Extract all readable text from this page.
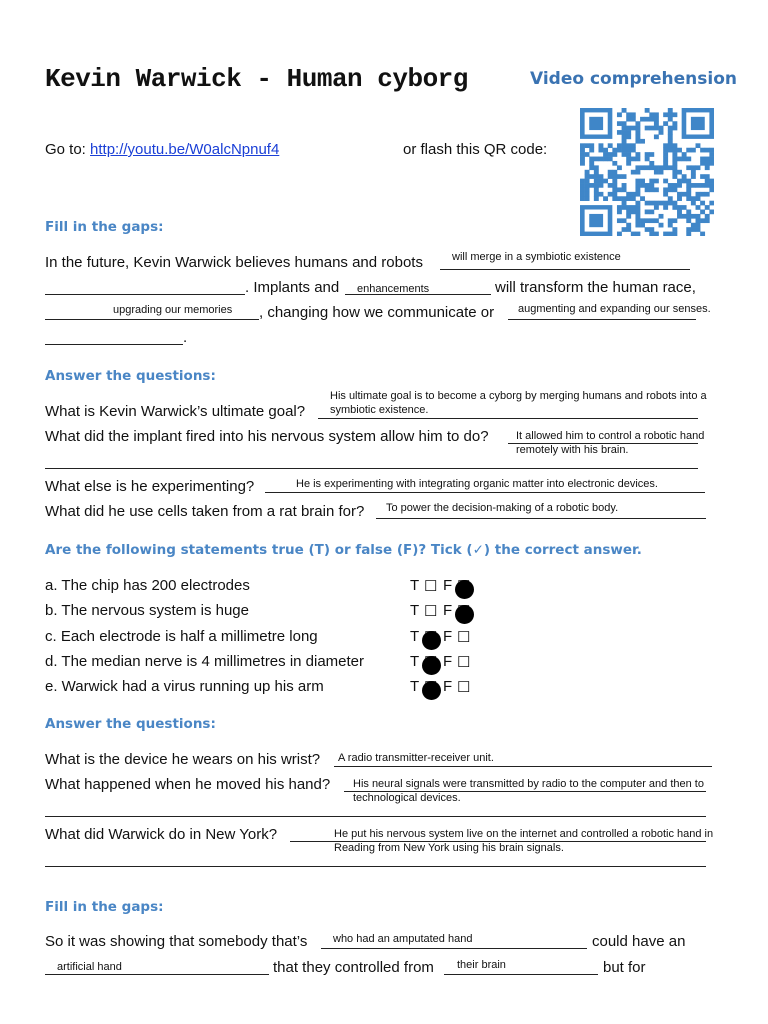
Kevin Warwick - Human cyborg	Video comprehension
Go to: http://youtu.be/W0alcNpnuf4	or flash this QR code:
Fill in the gaps:
In the future, Kevin Warwick believes humans and robots	will merge in a symbiotic existence
. Implants and enhancements	will transform the human race,
upgrading our memories , changing how we communicate or augmenting and expanding our senses.
.
Answer the questions:
His ultimate goal is to become a cyborg by merging humans and robots into a
What is Kevin Warwick’s ultimate goal? symbiotic existence.
What did the implant fired into his nervous system allow him to do? It allowed him to control a robotic hand
remotely with his brain.
What else is he experimenting?	He is experimenting with integrating organic matter into electronic devices.
What did he use cells taken from a rat brain for? To power the decision-making of a robotic body.
Are the following statements true (T) or false (F)? Tick (✓) the correct answer.
a. The chip has 200 electrodes	T ☐ F
b. The nervous system is huge	T ☐ F
c. Each electrode is half a millimetre long	T F ☐
d. The median nerve is 4 millimetres in diameter	T F ☐
e. Warwick had a virus running up his arm	T F ☐
Answer the questions:
What is the device he wears on his wrist? A radio transmitter-receiver unit.
What happened when he moved his hand? His neural signals were transmitted by radio to the computer and then to
technological devices.
What did Warwick do in New York?	He put his nervous system live on the internet and controlled a robotic hand in
Reading from New York using his brain signals.
Fill in the gaps:
So it was showing that somebody that’s who had an amputated hand	could have an
artificial hand	that they controlled from their brain	but for
